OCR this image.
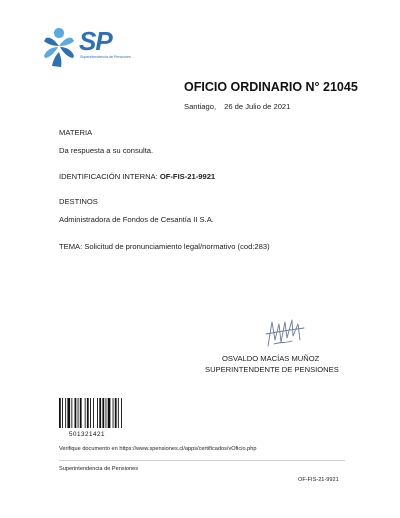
SP
Superintendencia de Pensiones
OFICIO ORDINARIO N° 21045
Santiago, 26 de Julio de 2021
MATERIA
Da respuesta a su consulta.
IDENTIFICACIÓN INTERNA: OF-FIS-21-9921
DESTINOS
Administradora de Fondos de Cesantía II S.A.
TEMA: Solicitud de pronunciamiento legal/normativo (cod:283)
OSVALDO MACÍAS MUÑOZ
SUPERINTENDENTE DE PENSIONES
501321421
Verifique documento en https://www.spensiones.cl/apps/certificados/vOficio.php
Superintendencia de Pensiones
OF-FIS-21-9921
